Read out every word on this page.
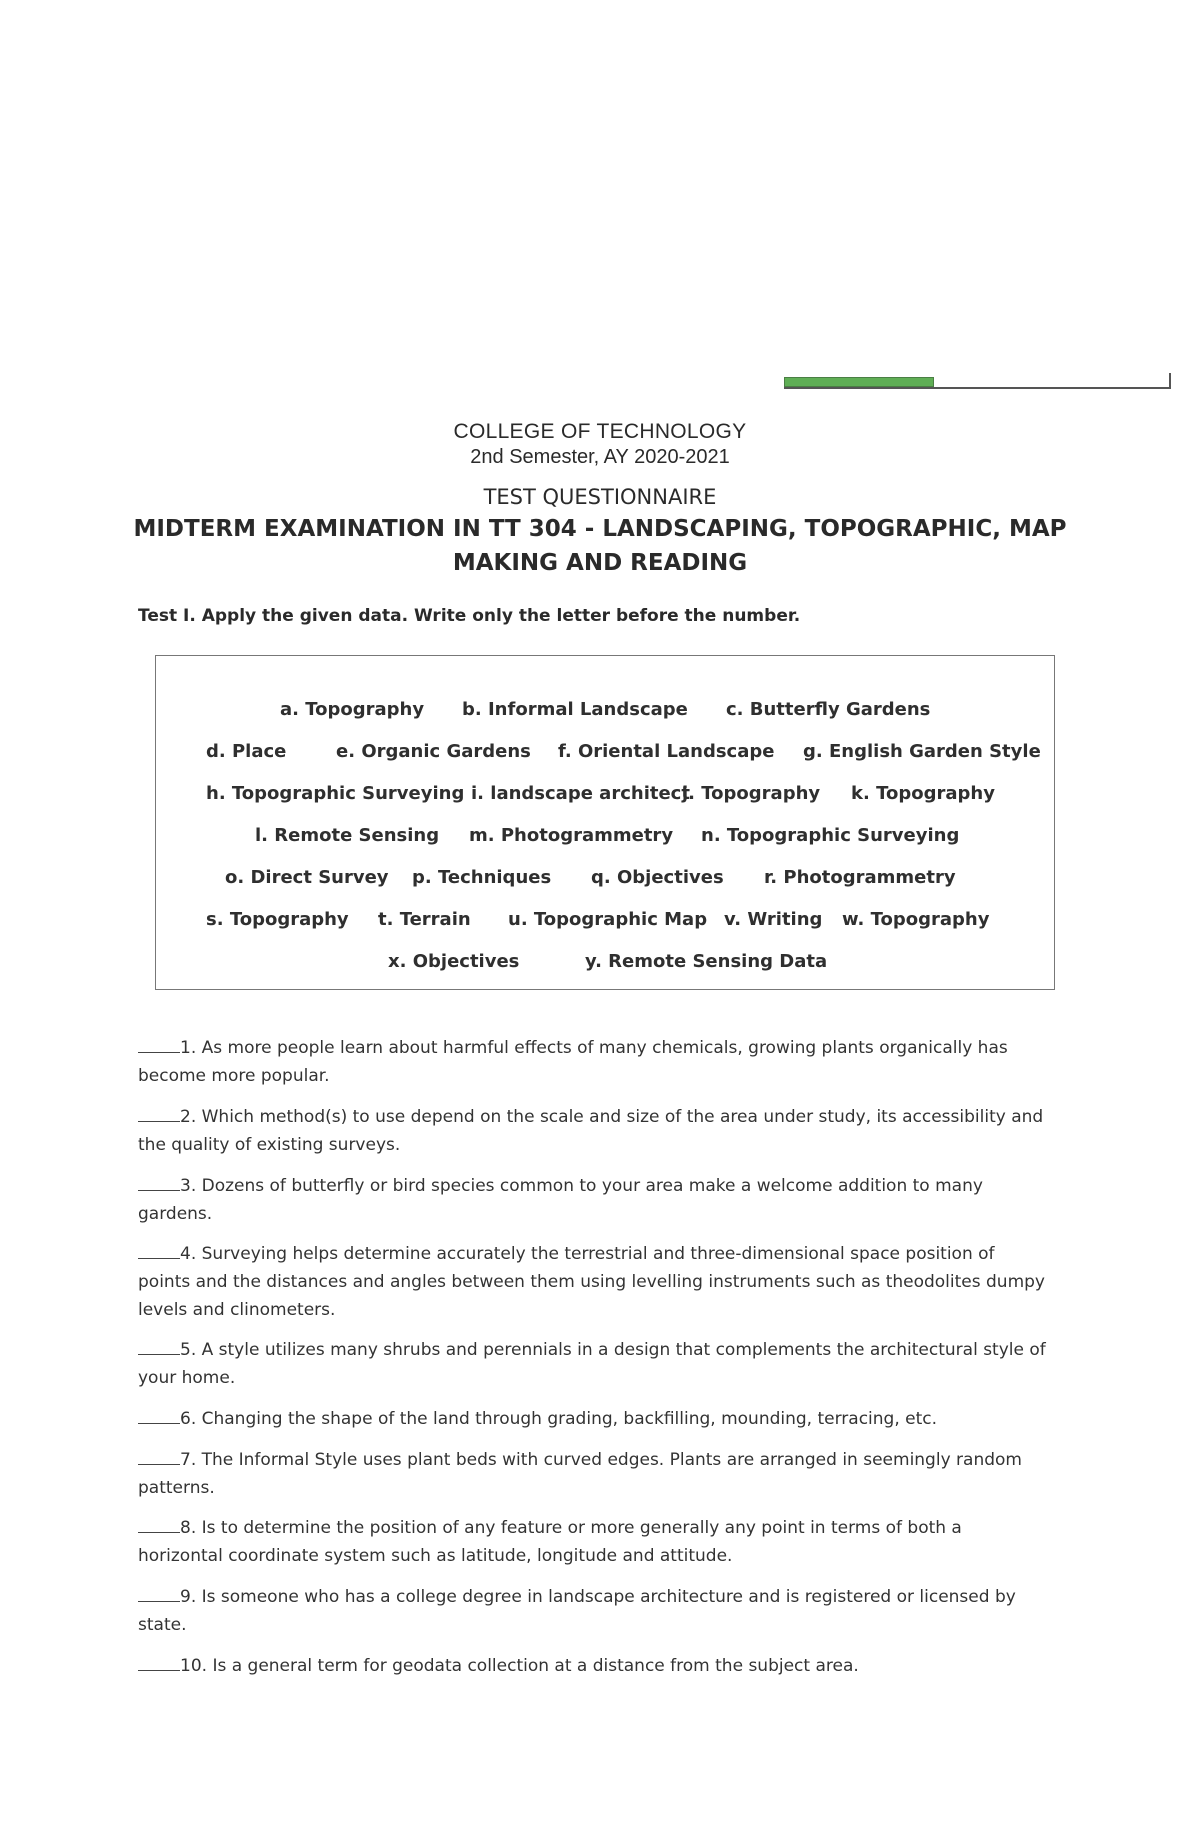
COLLEGE OF TECHNOLOGY
2nd Semester, AY 2020-2021
TEST QUESTIONNAIRE
MIDTERM EXAMINATION IN TT 304 - LANDSCAPING, TOPOGRAPHIC, MAP
MAKING AND READING
Test I. Apply the given data. Write only the letter before the number.
a. Topography b. Informal Landscape c. Butterfly Gardens
d. Place	e. Organic Gardens f. Oriental Landscape g. English Garden Style
h. Topographic Surveying i. landscape architect
j. Topography k. Topography
l. Remote Sensing m. Photogrammetry n. Topographic Surveying
o. Direct Survey p. Techniques q. Objectives r. Photogrammetry
s. Topography t. Terrain u. Topographic Map v. Writing w. Topography
x. Objectives	y. Remote Sensing Data
1. As more people learn about harmful effects of many chemicals, growing plants organically has become more popular.
2. Which method(s) to use depend on the scale and size of the area under study, its accessibility and the quality of existing surveys.
3. Dozens of butterfly or bird species common to your area make a welcome addition to many gardens.
4. Surveying helps determine accurately the terrestrial and three-dimensional space position of points and the distances and angles between them using levelling instruments such as theodolites dumpy levels and clinometers.
5. A style utilizes many shrubs and perennials in a design that complements the architectural style of your home.
6. Changing the shape of the land through grading, backfilling, mounding, terracing, etc.
7. The Informal Style uses plant beds with curved edges. Plants are arranged in seemingly random patterns.
8. Is to determine the position of any feature or more generally any point in terms of both a horizontal coordinate system such as latitude, longitude and attitude.
9. Is someone who has a college degree in landscape architecture and is registered or licensed by state.
10. Is a general term for geodata collection at a distance from the subject area.
